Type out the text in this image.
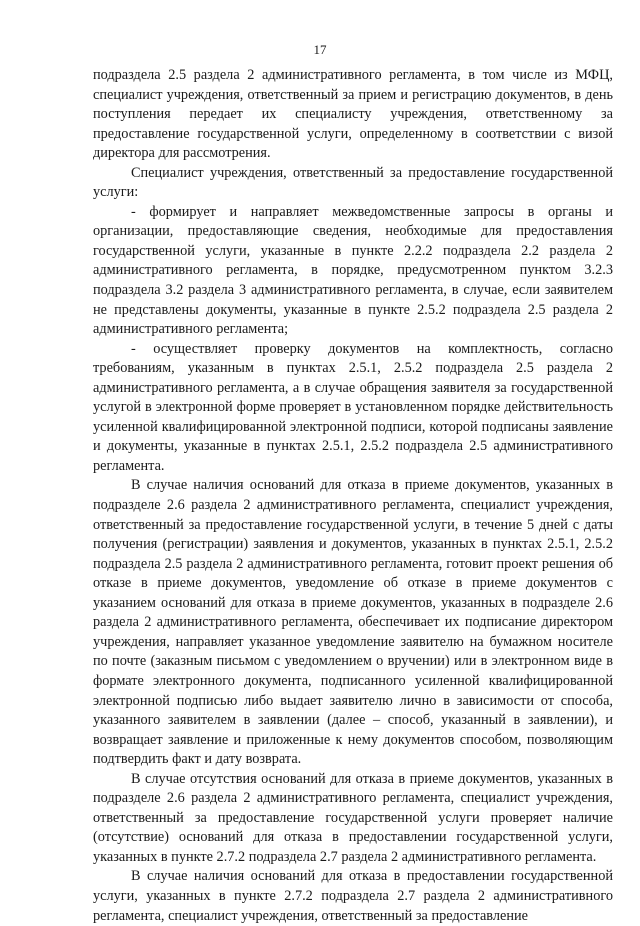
17

подраздела 2.5 раздела 2 административного регламента, в том числе из МФЦ, специалист учреждения, ответственный за прием и регистрацию документов, в день поступления передает их специалисту учреждения, ответственному за предоставление государственной услуги, определенному в соответствии с визой директора для рассмотрения.

Специалист учреждения, ответственный за предоставление государственной услуги:

- формирует и направляет межведомственные запросы в органы и организации, предоставляющие сведения, необходимые для предоставления государственной услуги, указанные в пункте 2.2.2 подраздела 2.2 раздела 2 административного регламента, в порядке, предусмотренном пунктом 3.2.3 подраздела 3.2 раздела 3 административного регламента, в случае, если заявителем не представлены документы, указанные в пункте 2.5.2 подраздела 2.5 раздела 2 административного регламента;

- осуществляет проверку документов на комплектность, согласно требованиям, указанным в пунктах 2.5.1, 2.5.2 подраздела 2.5 раздела 2 административного регламента, а в случае обращения заявителя за государственной услугой в электронной форме проверяет в установленном порядке действительность усиленной квалифицированной электронной подписи, которой подписаны заявление и документы, указанные в пунктах 2.5.1, 2.5.2 подраздела 2.5 административного регламента.

В случае наличия оснований для отказа в приеме документов, указанных в подразделе 2.6 раздела 2 административного регламента, специалист учреждения, ответственный за предоставление государственной услуги, в течение 5 дней с даты получения (регистрации) заявления и документов, указанных в пунктах 2.5.1, 2.5.2 подраздела 2.5 раздела 2 административного регламента, готовит проект решения об отказе в приеме документов, уведомление об отказе в приеме документов с указанием оснований для отказа в приеме документов, указанных в подразделе 2.6 раздела 2 административного регламента, обеспечивает их подписание директором учреждения, направляет указанное уведомление заявителю на бумажном носителе по почте (заказным письмом с уведомлением о вручении) или в электронном виде в формате электронного документа, подписанного усиленной квалифицированной электронной подписью либо выдает заявителю лично в зависимости от способа, указанного заявителем в заявлении (далее – способ, указанный в заявлении), и возвращает заявление и приложенные к нему документов способом, позволяющим подтвердить факт и дату возврата.

В случае отсутствия оснований для отказа в приеме документов, указанных в подразделе 2.6 раздела 2 административного регламента, специалист учреждения, ответственный за предоставление государственной услуги проверяет наличие (отсутствие) оснований для отказа в предоставлении государственной услуги, указанных в пункте 2.7.2 подраздела 2.7 раздела 2 административного регламента.

В случае наличия оснований для отказа в предоставлении государственной услуги, указанных в пункте 2.7.2 подраздела 2.7 раздела 2 административного регламента, специалист учреждения, ответственный за предоставление
